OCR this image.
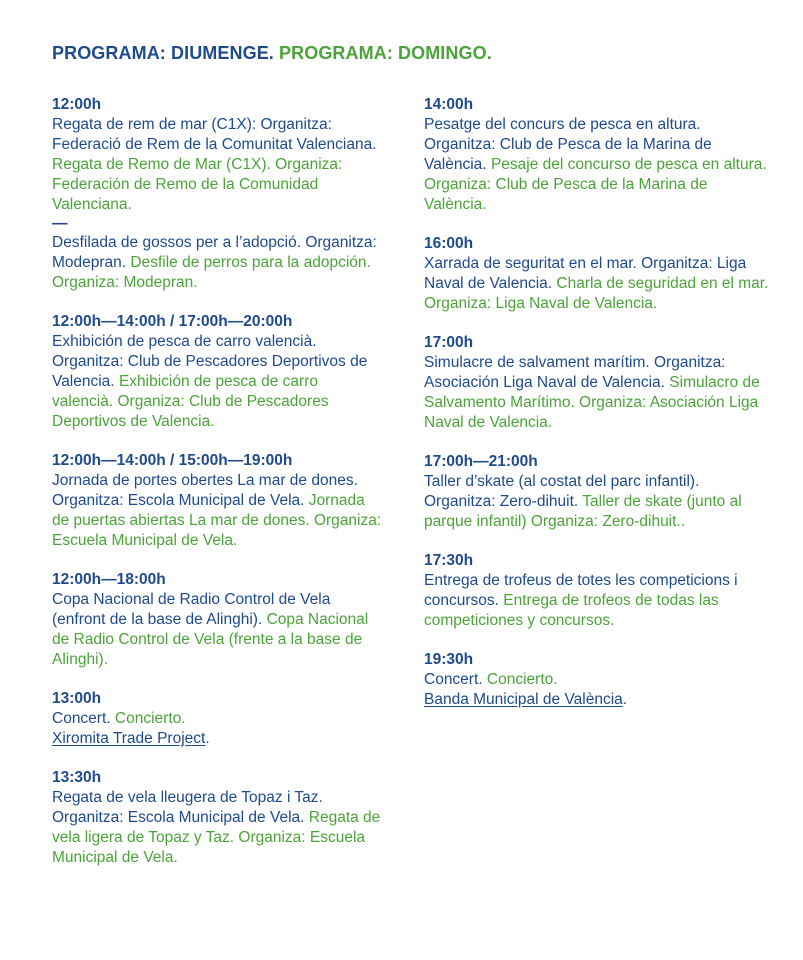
PROGRAMA: DIUMENGE. PROGRAMA: DOMINGO.
12:00h
Regata de rem de mar (C1X): Organitza: Federació de Rem de la Comunitat Valenciana. Regata de Remo de Mar (C1X). Organiza: Federación de Remo de la Comunidad Valenciana.
—
Desfilada de gossos per a l’adopció. Organitza: Modepran. Desfile de perros para la adopción. Organiza: Modepran.
12:00h—14:00h / 17:00h—20:00h
Exhibición de pesca de carro valencià. Organitza: Club de Pescadores Deportivos de Valencia. Exhibición de pesca de carro valencià. Organiza: Club de Pescadores Deportivos de Valencia.
12:00h—14:00h / 15:00h—19:00h
Jornada de portes obertes La mar de dones. Organitza: Escola Municipal de Vela. Jornada de puertas abiertas La mar de dones. Organiza: Escuela Municipal de Vela.
12:00h—18:00h
Copa Nacional de Radio Control de Vela (enfront de la base de Alinghi). Copa Nacional de Radio Control de Vela (frente a la base de Alinghi).
13:00h
Concert. Concierto.
Xiromita Trade Project.
13:30h
Regata de vela lleugera de Topaz i Taz. Organitza: Escola Municipal de Vela. Regata de vela ligera de Topaz y Taz. Organiza: Escuela Municipal de Vela.
14:00h
Pesatge del concurs de pesca en altura. Organitza: Club de Pesca de la Marina de València. Pesaje del concurso de pesca en altura. Organiza: Club de Pesca de la Marina de València.
16:00h
Xarrada de seguritat en el mar. Organitza: Liga Naval de Valencia. Charla de seguridad en el mar. Organiza: Liga Naval de Valencia.
17:00h
Simulacre de salvament marítim. Organitza: Asociación Liga Naval de Valencia. Simulacro de Salvamento Marítimo. Organiza: Asociación Liga Naval de Valencia.
17:00h—21:00h
Taller d’skate (al costat del parc infantil). Organitza: Zero-dihuit. Taller de skate (junto al parque infantil) Organiza: Zero-dihuit..
17:30h
Entrega de trofeus de totes les competicions i concursos. Entrega de trofeos de todas las competiciones y concursos.
19:30h
Concert. Concierto.
Banda Municipal de València.
